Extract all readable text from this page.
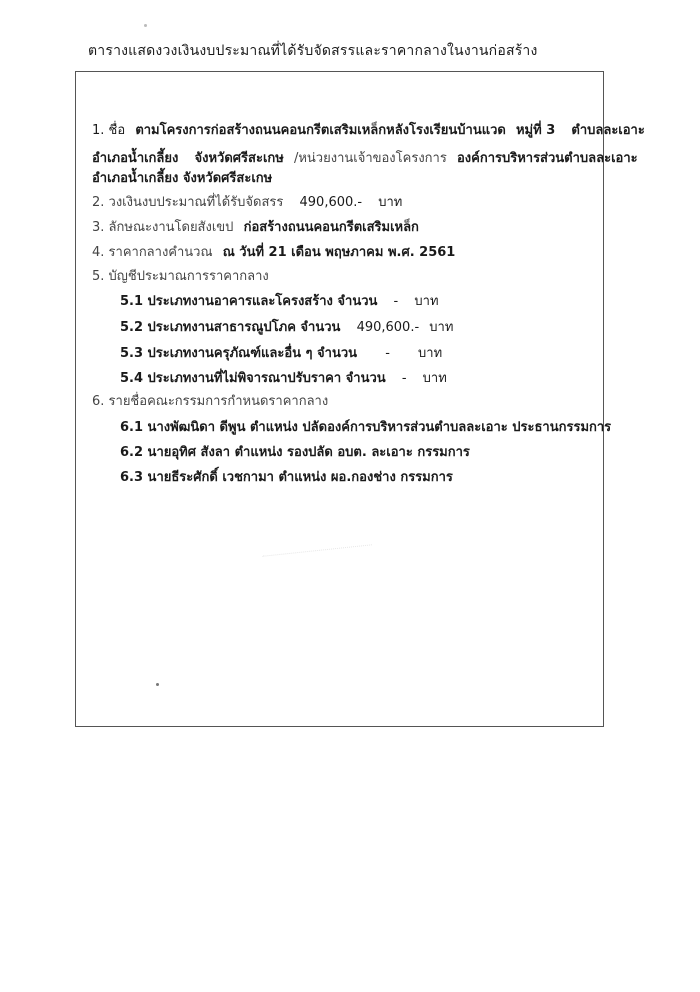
ตารางแสดงวงเงินงบประมาณที่ได้รับจัดสรรและราคากลางในงานก่อสร้าง
1. ชื่อ ตามโครงการก่อสร้างถนนคอนกรีตเสริมเหล็กหลังโรงเรียนบ้านแวด หมู่ที่ 3 ตำบลละเอาะ
อำเภอน้ำเกลี้ยง จังหวัดศรีสะเกษ /หน่วยงานเจ้าของโครงการ องค์การบริหารส่วนตำบลละเอาะ
อำเภอน้ำเกลี้ยง จังหวัดศรีสะเกษ
2. วงเงินงบประมาณที่ได้รับจัดสรร 490,600.- บาท
3. ลักษณะงานโดยสังเขป ก่อสร้างถนนคอนกรีตเสริมเหล็ก
4. ราคากลางคำนวณ ณ วันที่ 21 เดือน พฤษภาคม พ.ศ. 2561
5. บัญชีประมาณการราคากลาง
5.1 ประเภทงานอาคารและโครงสร้าง จำนวน - บาท
5.2 ประเภทงานสาธารณูปโภค จำนวน 490,600.- บาท
5.3 ประเภทงานครุภัณฑ์และอื่น ๆ จำนวน - บาท
5.4 ประเภทงานที่ไม่พิจารณาปรับราคา จำนวน - บาท
6. รายชื่อคณะกรรมการกำหนดราคากลาง
6.1 นางพัฒนิดา ดีพูน ตำแหน่ง ปลัดองค์การบริหารส่วนตำบลละเอาะ ประธานกรรมการ
6.2 นายอุทิศ สังลา ตำแหน่ง รองปลัด อบต. ละเอาะ กรรมการ
6.3 นายธีระศักดิ์ เวชกามา ตำแหน่ง ผอ.กองช่าง กรรมการ
